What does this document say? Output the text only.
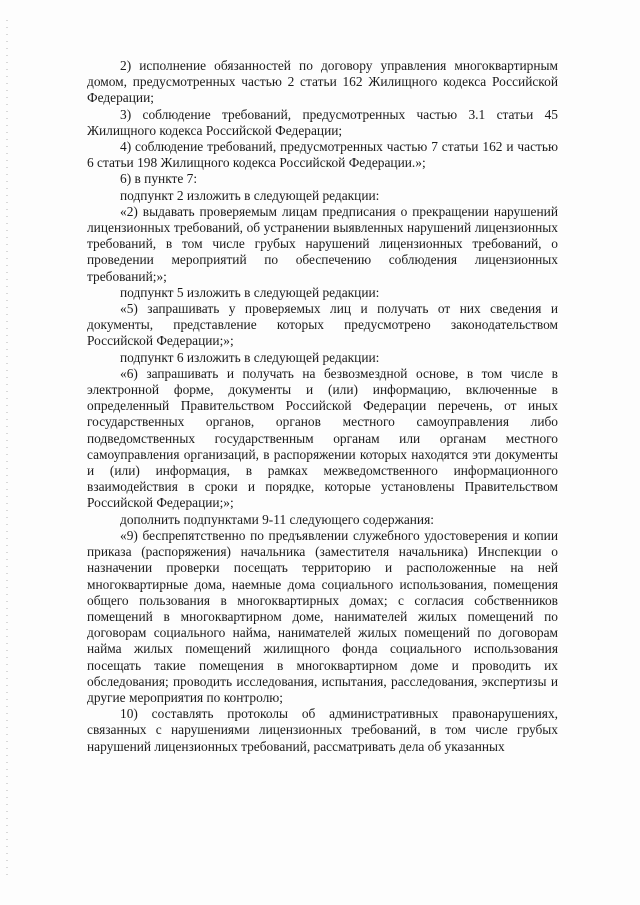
2) исполнение обязанностей по договору управления многоквартирным домом, предусмотренных частью 2 статьи 162 Жилищного кодекса Российской Федерации;

3) соблюдение требований, предусмотренных частью 3.1 статьи 45 Жилищного кодекса Российской Федерации;

4) соблюдение требований, предусмотренных частью 7 статьи 162 и частью 6 статьи 198 Жилищного кодекса Российской Федерации.»;

6) в пункте 7:

подпункт 2 изложить в следующей редакции:

«2) выдавать проверяемым лицам предписания о прекращении нарушений лицензионных требований, об устранении выявленных нарушений лицензионных требований, в том числе грубых нарушений лицензионных требований, о проведении мероприятий по обеспечению соблюдения лицензионных требований;»;

подпункт 5 изложить в следующей редакции:

«5) запрашивать у проверяемых лиц и получать от них сведения и документы, представление которых предусмотрено законодательством Российской Федерации;»;

подпункт 6 изложить в следующей редакции:

«6) запрашивать и получать на безвозмездной основе, в том числе в электронной форме, документы и (или) информацию, включенные в определенный Правительством Российской Федерации перечень, от иных государственных органов, органов местного самоуправления либо подведомственных государственным органам или органам местного самоуправления организаций, в распоряжении которых находятся эти документы и (или) информация, в рамках межведомственного информационного взаимодействия в сроки и порядке, которые установлены Правительством Российской Федерации;»;

дополнить подпунктами 9-11 следующего содержания:

«9) беспрепятственно по предъявлении служебного удостоверения и копии приказа (распоряжения) начальника (заместителя начальника) Инспекции о назначении проверки посещать территорию и расположенные на ней многоквартирные дома, наемные дома социального использования, помещения общего пользования в многоквартирных домах; с согласия собственников помещений в многоквартирном доме, нанимателей жилых помещений по договорам социального найма, нанимателей жилых помещений по договорам найма жилых помещений жилищного фонда социального использования посещать такие помещения в многоквартирном доме и проводить их обследования; проводить исследования, испытания, расследования, экспертизы и другие мероприятия по контролю;

10) составлять протоколы об административных правонарушениях, связанных с нарушениями лицензионных требований, в том числе грубых нарушений лицензионных требований, рассматривать дела об указанных
